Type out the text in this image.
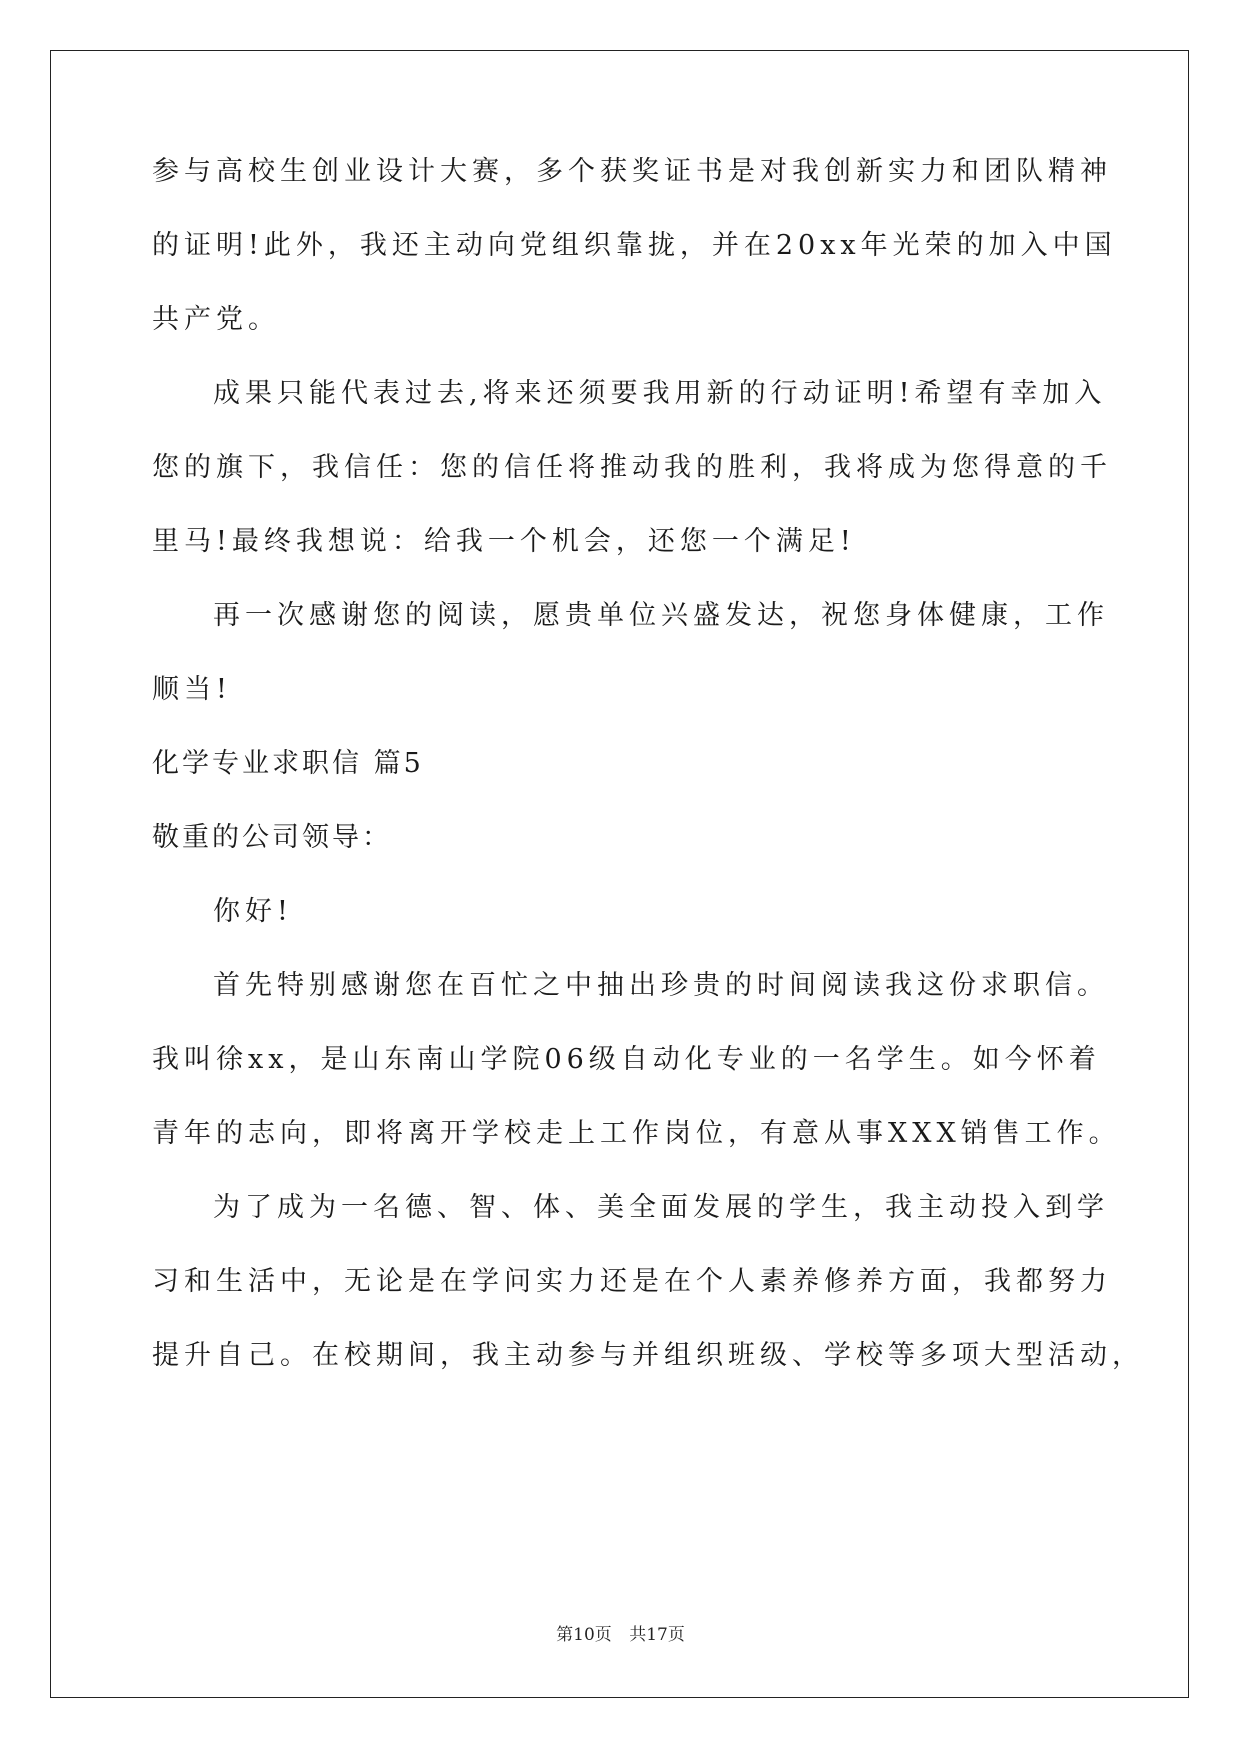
参与高校生创业设计大赛，多个获奖证书是对我创新实力和团队精神
的证明!此外，我还主动向党组织靠拢，并在20xx年光荣的加入中国
共产党。
成果只能代表过去,将来还须要我用新的行动证明!希望有幸加入
您的旗下，我信任：您的信任将推动我的胜利，我将成为您得意的千
里马!最终我想说：给我一个机会，还您一个满足!
再一次感谢您的阅读，愿贵单位兴盛发达，祝您身体健康，工作
顺当!
化学专业求职信 篇5
敬重的公司领导：
你好!
首先特别感谢您在百忙之中抽出珍贵的时间阅读我这份求职信。
我叫徐xx，是山东南山学院06级自动化专业的一名学生。如今怀着
青年的志向，即将离开学校走上工作岗位，有意从事XXX销售工作。
为了成为一名德、智、体、美全面发展的学生，我主动投入到学
习和生活中，无论是在学问实力还是在个人素养修养方面，我都努力
提升自己。在校期间，我主动参与并组织班级、学校等多项大型活动，
第10页 共17页
